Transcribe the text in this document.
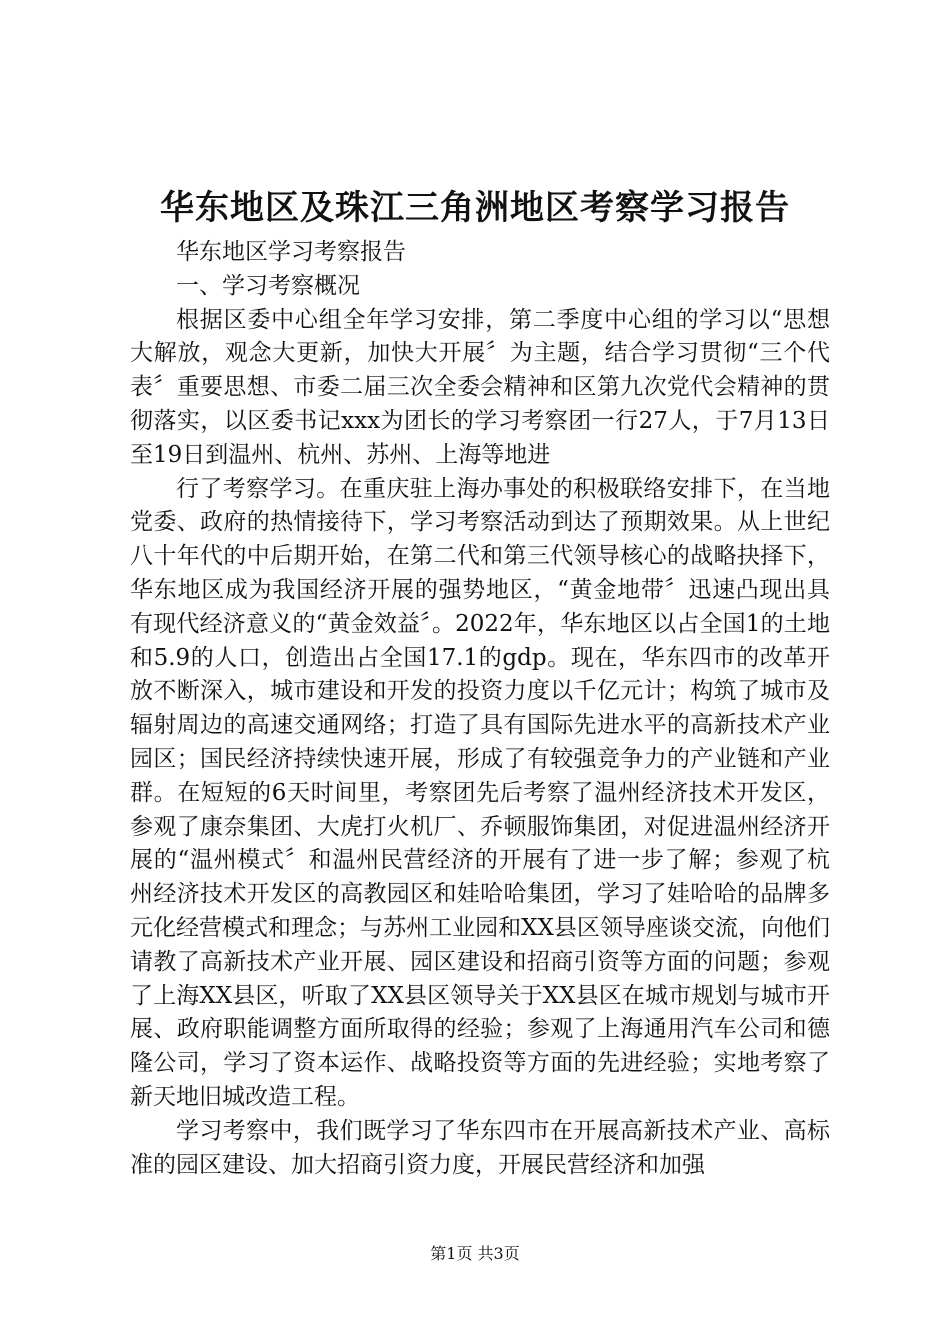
华东地区及珠江三角洲地区考察学习报告

华东地区学习考察报告

一、学习考察概况

根据区委中心组全年学习安排，第二季度中心组的学习以“思想大解放，观念大更新，加快大开展〞为主题，结合学习贯彻“三个代表〞重要思想、市委二届三次全委会精神和区第九次党代会精神的贯彻落实，以区委书记xxx为团长的学习考察团一行27人，于7月13日至19日到温州、杭州、苏州、上海等地进

行了考察学习。在重庆驻上海办事处的积极联络安排下，在当地党委、政府的热情接待下，学习考察活动到达了预期效果。从上世纪八十年代的中后期开始，在第二代和第三代领导核心的战略抉择下，华东地区成为我国经济开展的强势地区，“黄金地带〞迅速凸现出具有现代经济意义的“黄金效益〞。2022年，华东地区以占全国1的土地和5.9的人口，创造出占全国17.1的gdp。现在，华东四市的改革开放不断深入，城市建设和开发的投资力度以千亿元计；构筑了城市及辐射周边的高速交通网络；打造了具有国际先进水平的高新技术产业园区；国民经济持续快速开展，形成了有较强竞争力的产业链和产业群。在短短的6天时间里，考察团先后考察了温州经济技术开发区，参观了康奈集团、大虎打火机厂、乔顿服饰集团，对促进温州经济开展的“温州模式〞和温州民营经济的开展有了进一步了解；参观了杭州经济技术开发区的高教园区和娃哈哈集团，学习了娃哈哈的品牌多元化经营模式和理念；与苏州工业园和XX县区领导座谈交流，向他们请教了高新技术产业开展、园区建设和招商引资等方面的问题；参观了上海XX县区，听取了XX县区领导关于XX县区在城市规划与城市开展、政府职能调整方面所取得的经验；参观了上海通用汽车公司和德隆公司，学习了资本运作、战略投资等方面的先进经验；实地考察了新天地旧城改造工程。

学习考察中，我们既学习了华东四市在开展高新技术产业、高标准的园区建设、加大招商引资力度，开展民营经济和加强

第1页 共3页
